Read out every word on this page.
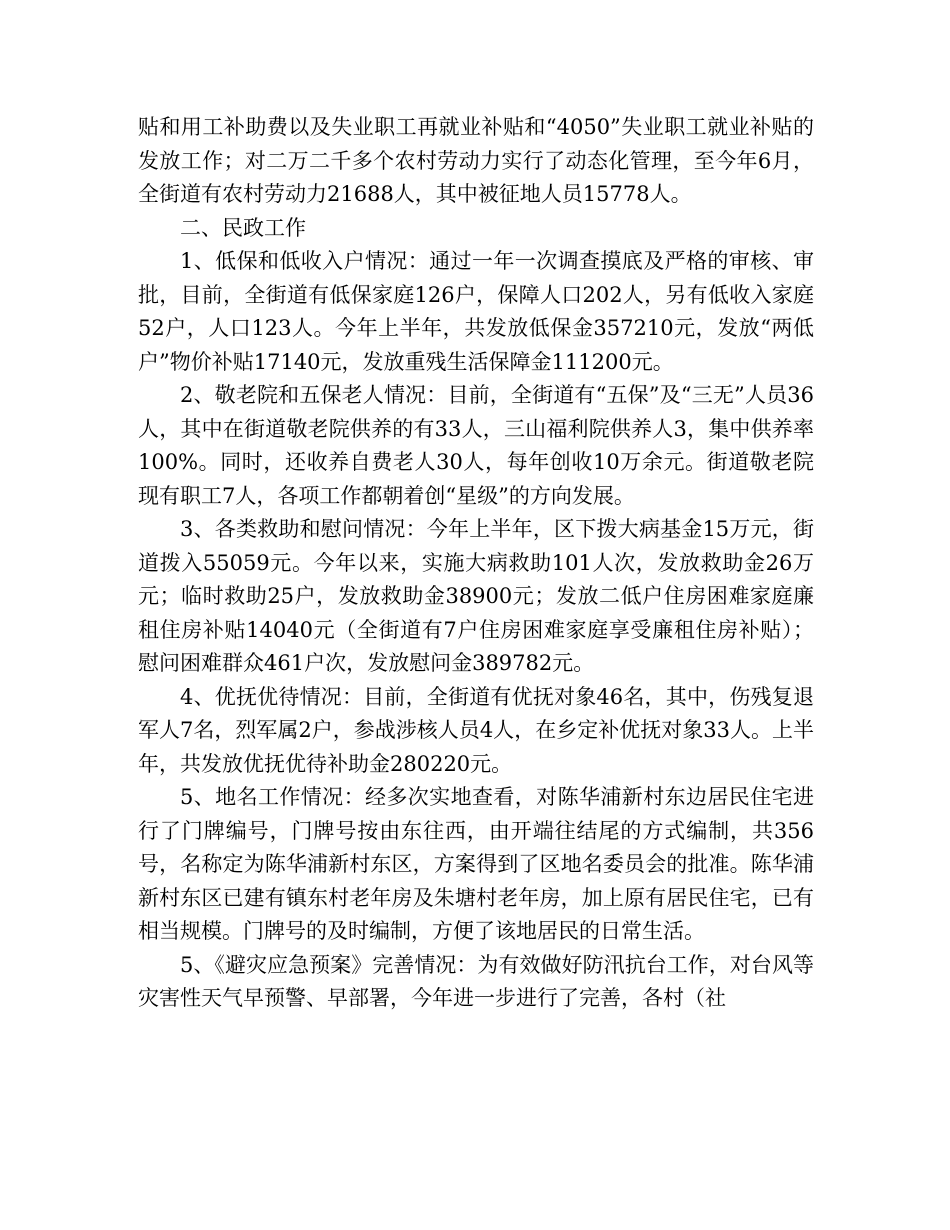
贴和用工补助费以及失业职工再就业补贴和“4050”失业职工就业补贴的发放工作；对二万二千多个农村劳动力实行了动态化管理，至今年6月，全街道有农村劳动力21688人，其中被征地人员15778人。

二、民政工作

1、低保和低收入户情况：通过一年一次调查摸底及严格的审核、审批，目前，全街道有低保家庭126户，保障人口202人，另有低收入家庭52户，人口123人。今年上半年，共发放低保金357210元，发放“两低户”物价补贴17140元，发放重残生活保障金111200元。

2、敬老院和五保老人情况：目前，全街道有“五保”及“三无”人员36人，其中在街道敬老院供养的有33人，三山福利院供养人3，集中供养率100%。同时，还收养自费老人30人，每年创收10万余元。街道敬老院现有职工7人，各项工作都朝着创“星级”的方向发展。

3、各类救助和慰问情况：今年上半年，区下拨大病基金15万元，街道拨入55059元。今年以来，实施大病救助101人次，发放救助金26万元；临时救助25户，发放救助金38900元；发放二低户住房困难家庭廉租住房补贴14040元（全街道有7户住房困难家庭享受廉租住房补贴）；慰问困难群众461户次，发放慰问金389782元。

4、优抚优待情况：目前，全街道有优抚对象46名，其中，伤残复退军人7名，烈军属2户，参战涉核人员4人，在乡定补优抚对象33人。上半年，共发放优抚优待补助金280220元。

5、地名工作情况：经多次实地查看，对陈华浦新村东边居民住宅进行了门牌编号，门牌号按由东往西，由开端往结尾的方式编制，共356号，名称定为陈华浦新村东区，方案得到了区地名委员会的批准。陈华浦新村东区已建有镇东村老年房及朱塘村老年房，加上原有居民住宅，已有相当规模。门牌号的及时编制，方便了该地居民的日常生活。

5、《避灾应急预案》完善情况：为有效做好防汛抗台工作，对台风等灾害性天气早预警、早部署，今年进一步进行了完善，各村（社
